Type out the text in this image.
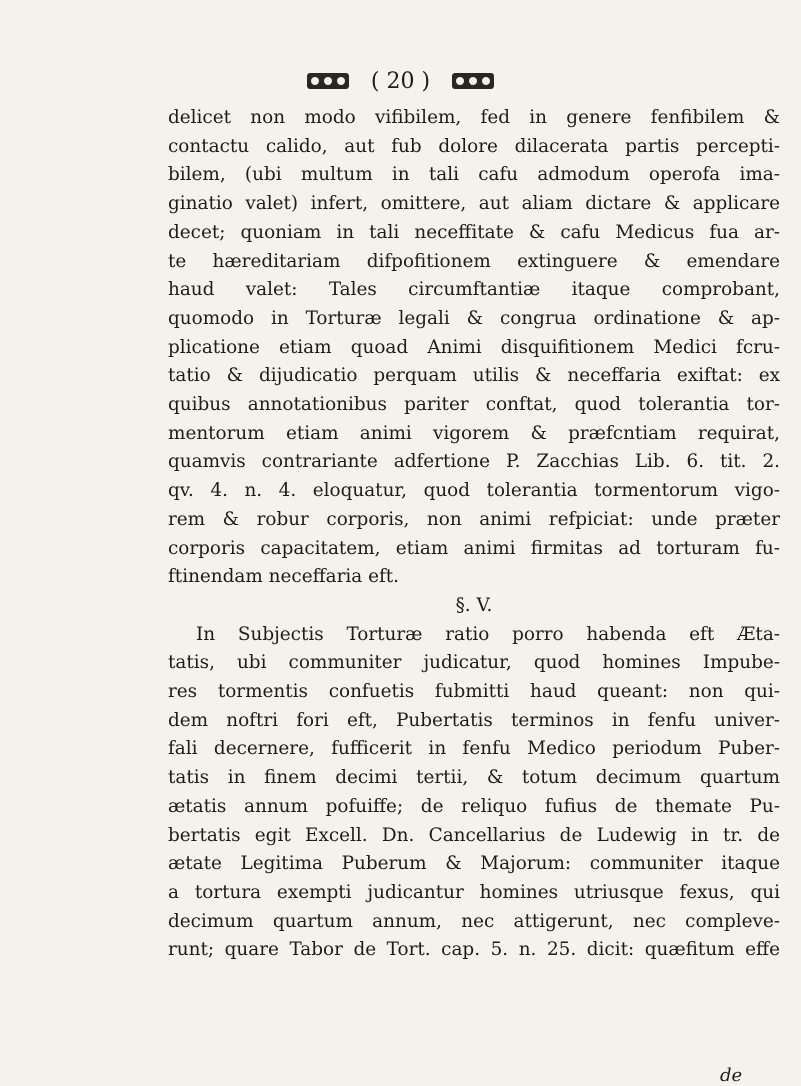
( 20 )
delicet non modo vifibilem, fed in genere fenfibilem &
contactu calido, aut fub dolore dilacerata partis percepti-
bilem, (ubi multum in tali cafu admodum operofa ima-
ginatio valet) infert, omittere, aut aliam dictare & applicare
decet; quoniam in tali neceffitate & cafu Medicus fua ar-
te hæreditariam difpofitionem extinguere & emendare
haud valet: Tales circumftantiæ itaque comprobant,
quomodo in Torturæ legali & congrua ordinatione & ap-
plicatione etiam quoad Animi disquifitionem Medici fcru-
tatio & dijudicatio perquam utilis & neceffaria exiftat: ex
quibus annotationibus pariter conftat, quod tolerantia tor-
mentorum etiam animi vigorem & præfcntiam requirat,
quamvis contrariante adfertione P. Zacchias Lib. 6. tit. 2.
qv. 4. n. 4. eloquatur, quod tolerantia tormentorum vigo-
rem & robur corporis, non animi refpiciat: unde præter
corporis capacitatem, etiam animi firmitas ad torturam fu-
ftinendam neceffaria eft.
§. V.
In Subjectis Torturæ ratio porro habenda eft Æta-
tatis, ubi communiter judicatur, quod homines Impube-
res tormentis confuetis fubmitti haud queant: non qui-
dem noftri fori eft, Pubertatis terminos in fenfu univer-
fali decernere, fufficerit in fenfu Medico periodum Puber-
tatis in finem decimi tertii, & totum decimum quartum
ætatis annum pofuiffe; de reliquo fufius de themate Pu-
bertatis egit Excell. Dn. Cancellarius de Ludewig in tr. de
ætate Legitima Puberum & Majorum: communiter itaque
a tortura exempti judicantur homines utriusque fexus, qui
decimum quartum annum, nec attigerunt, nec compleve-
runt; quare Tabor de Tort. cap. 5. n. 25. dicit: quæfitum effe
de
